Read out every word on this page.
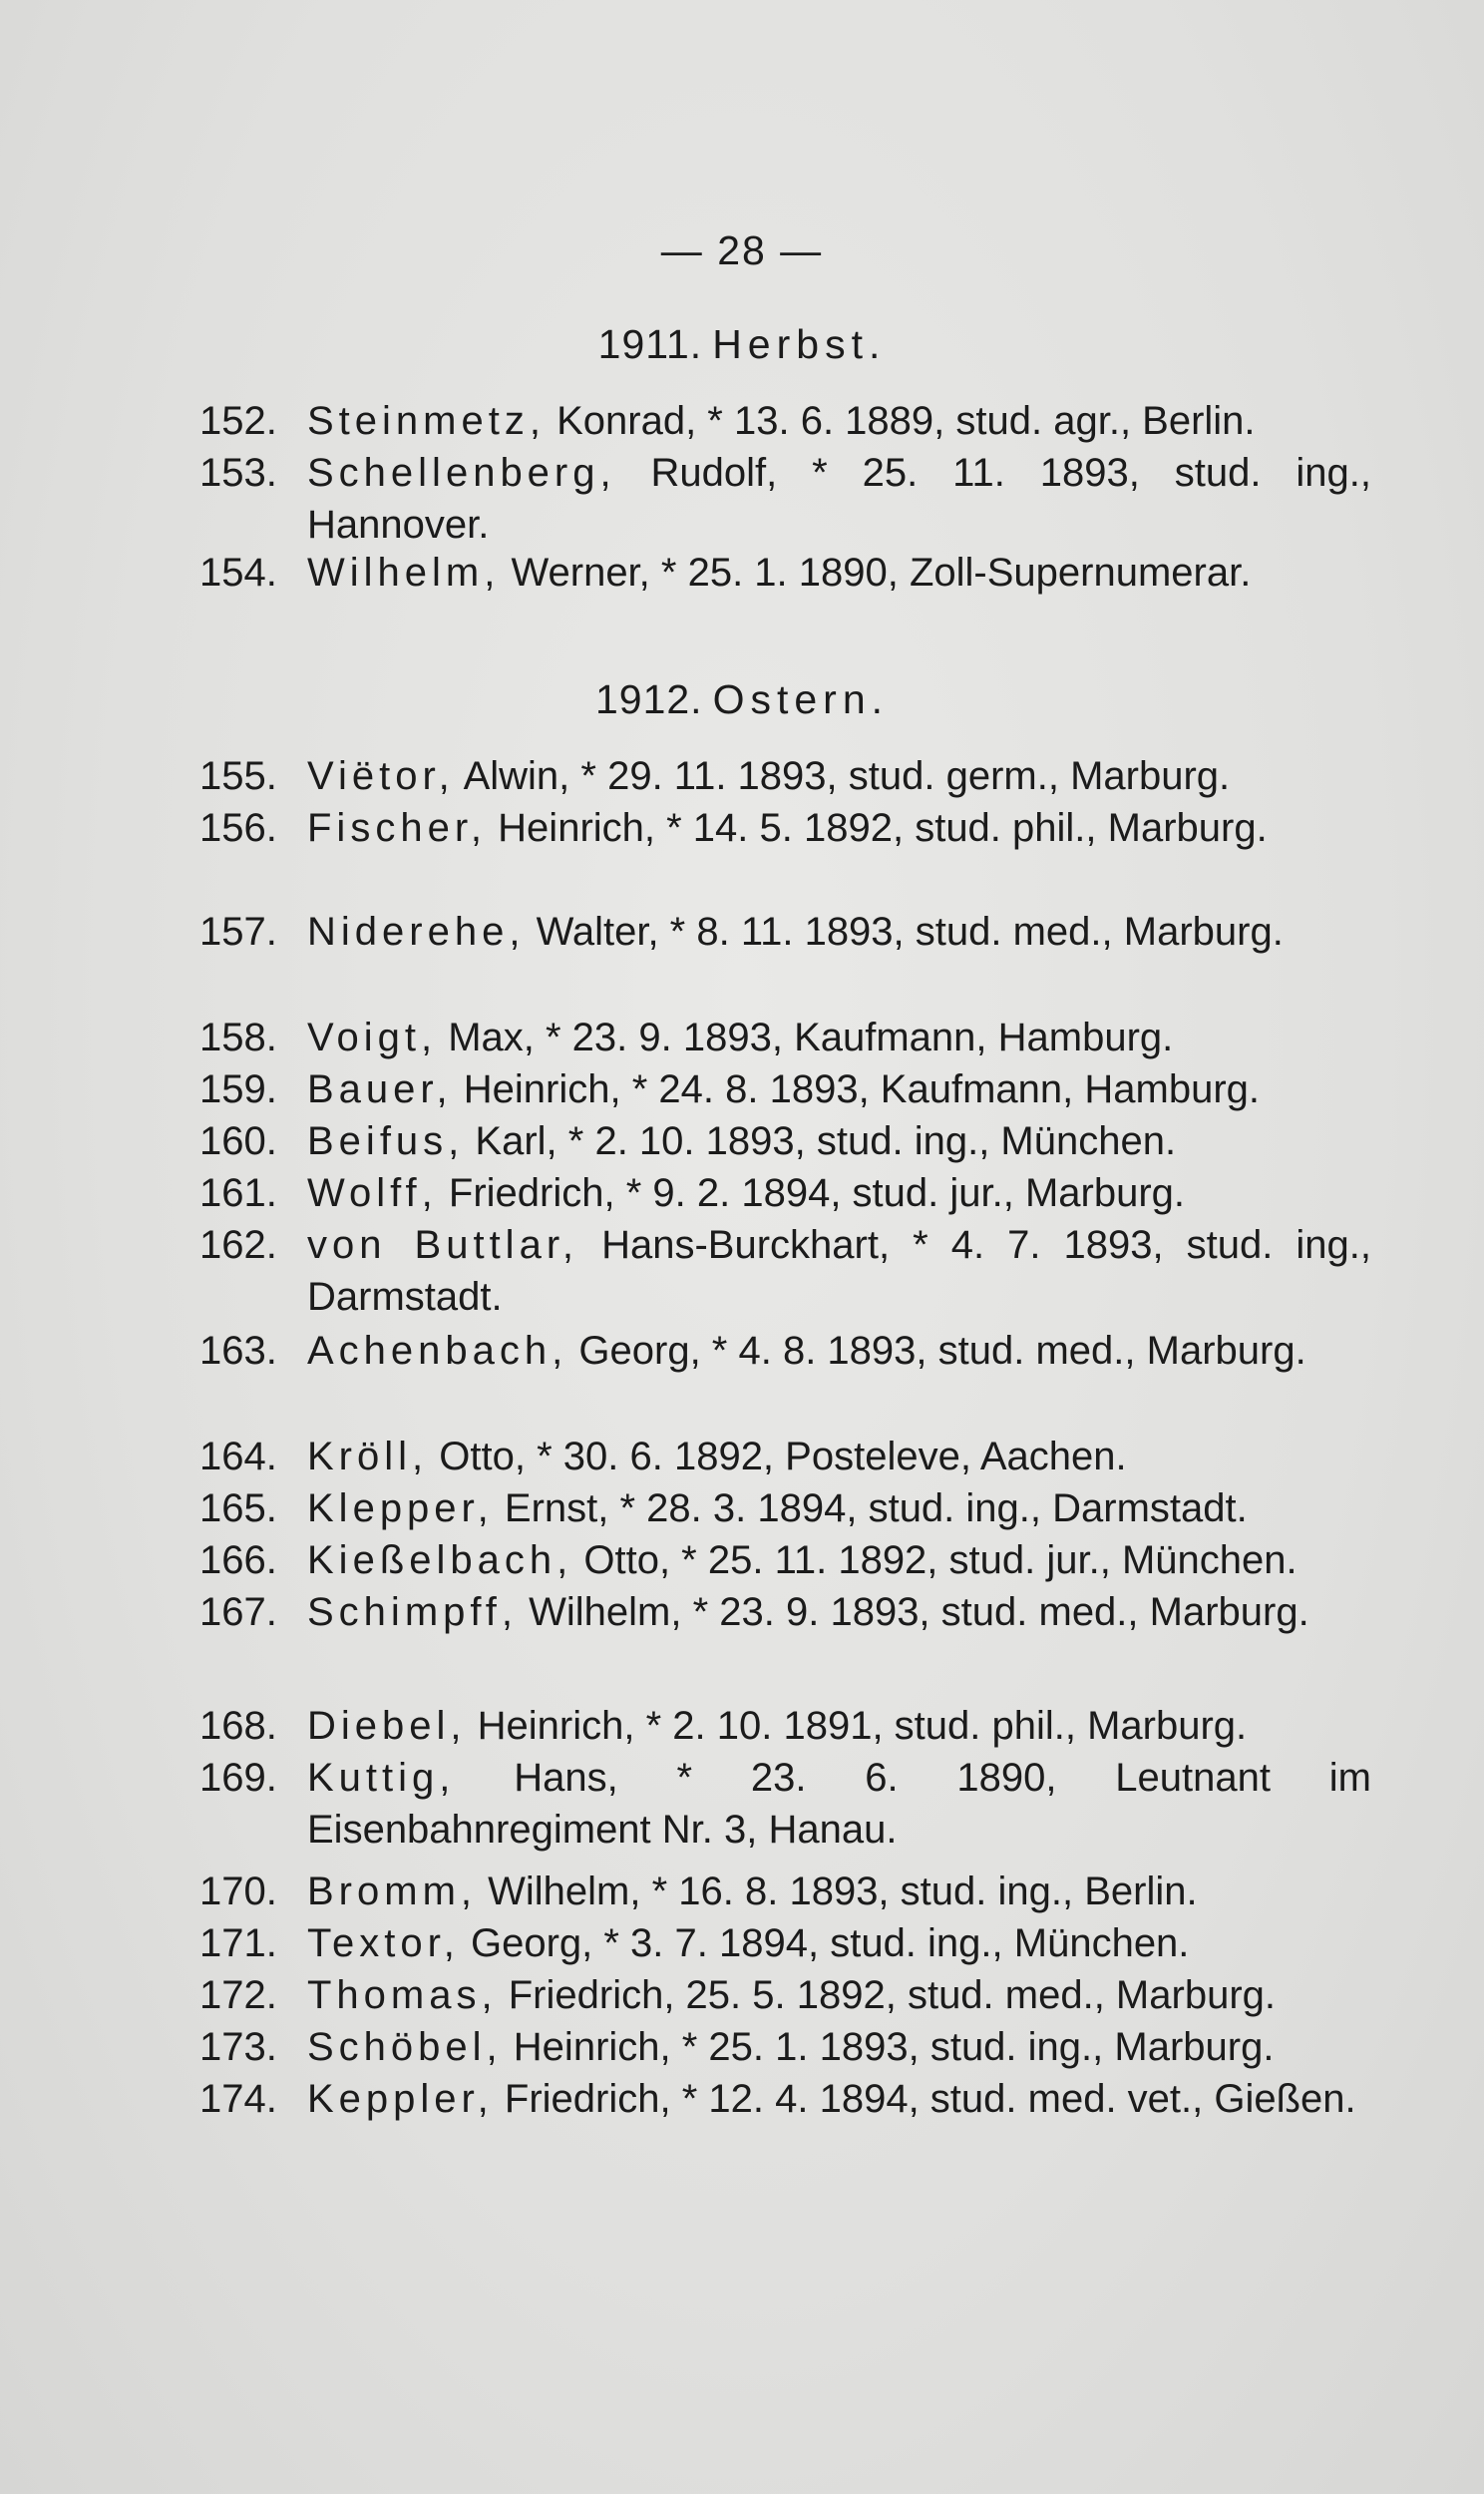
— 28 —
1911. Herbst.
152. Steinmetz, Konrad, * 13. 6. 1889, stud. agr., Berlin.
153. Schellenberg, Rudolf, * 25. 11. 1893, stud. ing., Hannover.
154. Wilhelm, Werner, * 25. 1. 1890, Zoll-Supernumerar.
1912. Ostern.
155. Viëtor, Alwin, * 29. 11. 1893, stud. germ., Marburg.
156. Fischer, Heinrich, * 14. 5. 1892, stud. phil., Marburg.
157. Niderehe, Walter, * 8. 11. 1893, stud. med., Marburg.
158. Voigt, Max, * 23. 9. 1893, Kaufmann, Hamburg.
159. Bauer, Heinrich, * 24. 8. 1893, Kaufmann, Hamburg.
160. Beifus, Karl, * 2. 10. 1893, stud. ing., München.
161. Wolff, Friedrich, * 9. 2. 1894, stud. jur., Marburg.
162. von Buttlar, Hans-Burckhart, * 4. 7. 1893, stud. ing., Darmstadt.
163. Achenbach, Georg, * 4. 8. 1893, stud. med., Marburg.
164. Kröll, Otto, * 30. 6. 1892, Posteleve, Aachen.
165. Klepper, Ernst, * 28. 3. 1894, stud. ing., Darmstadt.
166. Kießelbach, Otto, * 25. 11. 1892, stud. jur., München.
167. Schimpff, Wilhelm, * 23. 9. 1893, stud. med., Marburg.
168. Diebel, Heinrich, * 2. 10. 1891, stud. phil., Marburg.
169. Kuttig, Hans, * 23. 6. 1890, Leutnant im Eisenbahnregiment Nr. 3, Hanau.
170. Bromm, Wilhelm, * 16. 8. 1893, stud. ing., Berlin.
171. Textor, Georg, * 3. 7. 1894, stud. ing., München.
172. Thomas, Friedrich, 25. 5. 1892, stud. med., Marburg.
173. Schöbel, Heinrich, * 25. 1. 1893, stud. ing., Marburg.
174. Keppler, Friedrich, * 12. 4. 1894, stud. med. vet., Gießen.
